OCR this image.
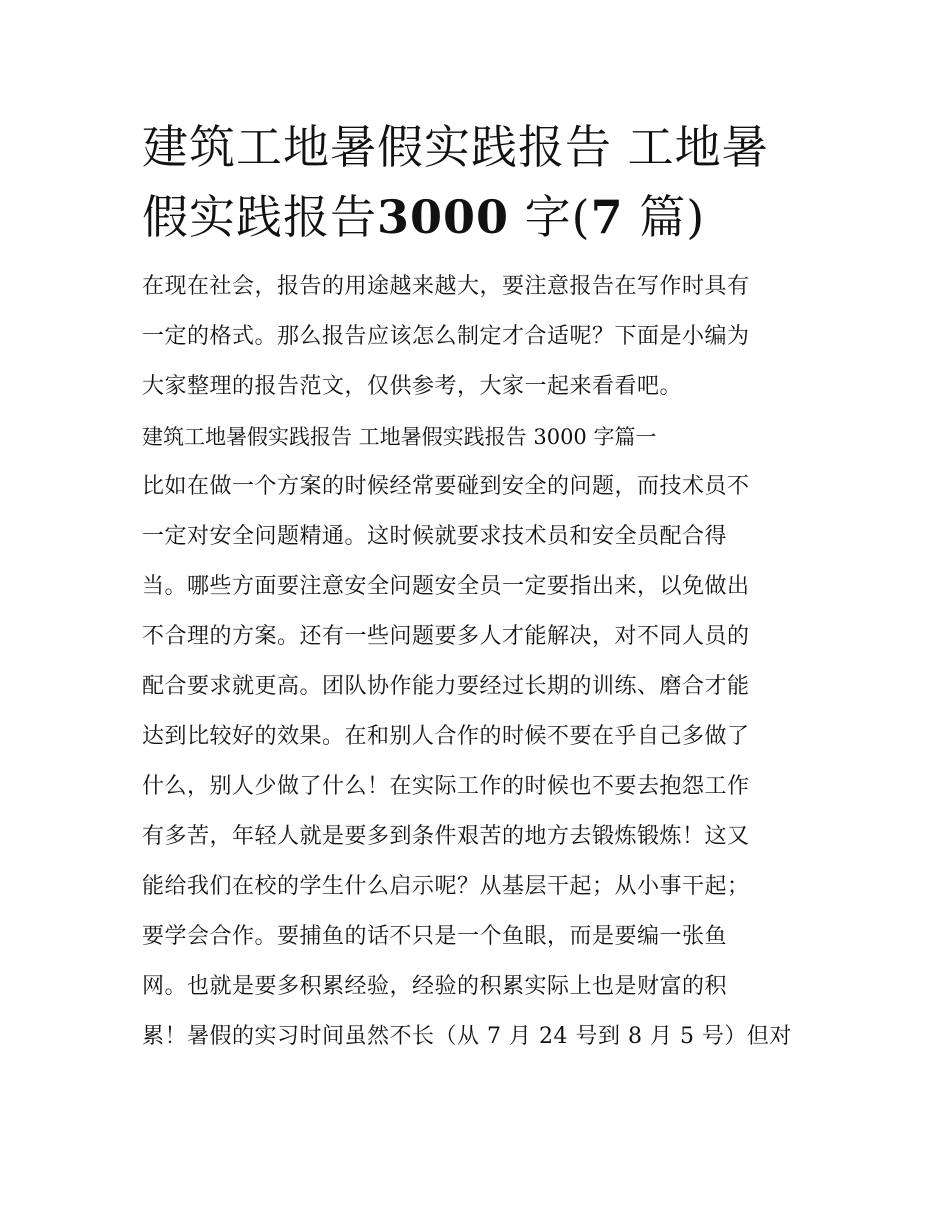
建筑工地暑假实践报告 工地暑
假实践报告3000 字(7 篇)
在现在社会，报告的用途越来越大，要注意报告在写作时具有
一定的格式。那么报告应该怎么制定才合适呢？下面是小编为
大家整理的报告范文，仅供参考，大家一起来看看吧。
建筑工地暑假实践报告 工地暑假实践报告 3000 字篇一
比如在做一个方案的时候经常要碰到安全的问题，而技术员不
一定对安全问题精通。这时候就要求技术员和安全员配合得
当。哪些方面要注意安全问题安全员一定要指出来，以免做出
不合理的方案。还有一些问题要多人才能解决，对不同人员的
配合要求就更高。团队协作能力要经过长期的训练、磨合才能
达到比较好的效果。在和别人合作的时候不要在乎自己多做了
什么，别人少做了什么！在实际工作的时候也不要去抱怨工作
有多苦，年轻人就是要多到条件艰苦的地方去锻炼锻炼！这又
能给我们在校的学生什么启示呢？从基层干起；从小事干起；
要学会合作。要捕鱼的话不只是一个鱼眼，而是要编一张鱼
网。也就是要多积累经验，经验的积累实际上也是财富的积
累！暑假的实习时间虽然不长（从 7 月 24 号到 8 月 5 号）但对
